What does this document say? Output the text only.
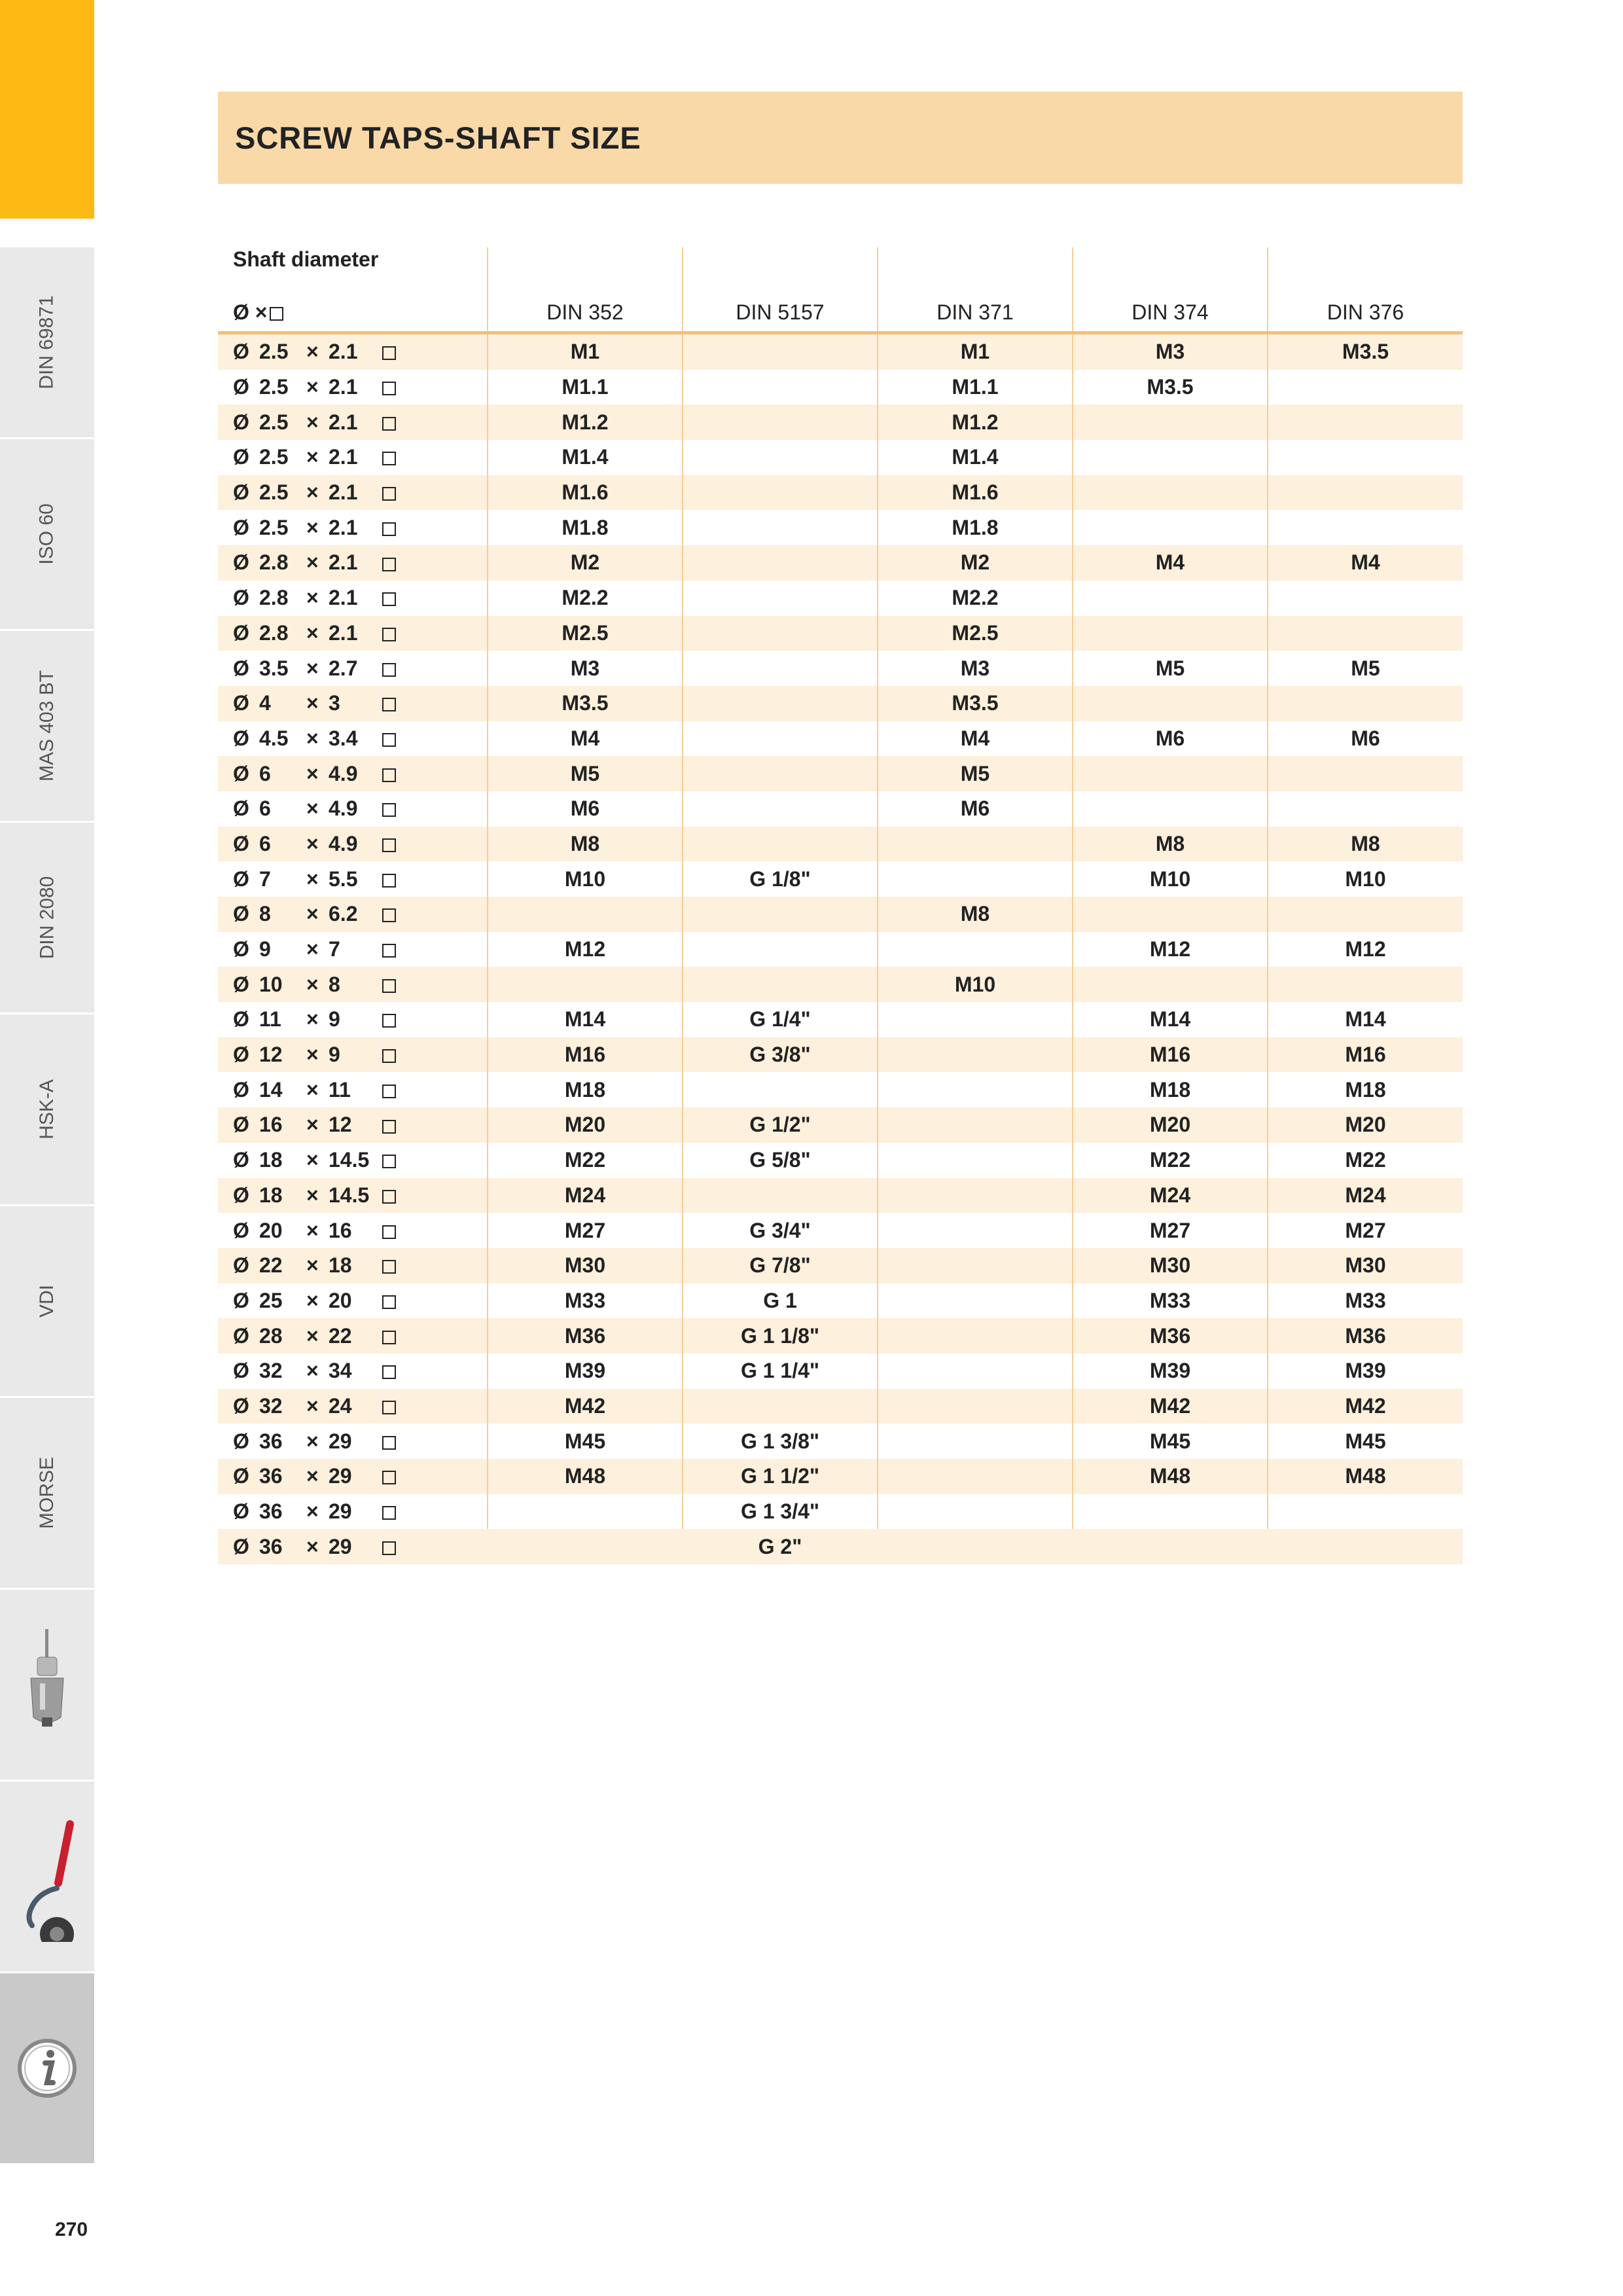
DIN 69871
ISO 60
MAS 403 BT
DIN 2080
HSK-A
VDI
MORSE
SCREW TAPS-SHAFT SIZE
Shaft diameter
Ø ×	DIN 352	DIN 5157	DIN 371	DIN 374	DIN 376
Ø 2.5 × 2.1	M1		M1	M3	M3.5
Ø 2.5 × 2.1	M1.1		M1.1	M3.5	
Ø 2.5 × 2.1	M1.2		M1.2		
Ø 2.5 × 2.1	M1.4		M1.4		
Ø 2.5 × 2.1	M1.6		M1.6		
Ø 2.5 × 2.1	M1.8		M1.8		
Ø 2.8 × 2.1	M2		M2	M4	M4
Ø 2.8 × 2.1	M2.2		M2.2		
Ø 2.8 × 2.1	M2.5		M2.5		
Ø 3.5 × 2.7	M3		M3	M5	M5
Ø 4 × 3	M3.5		M3.5		
Ø 4.5 × 3.4	M4		M4	M6	M6
Ø 6 × 4.9	M5		M5		
Ø 6 × 4.9	M6		M6		
Ø 6 × 4.9	M8			M8	M8
Ø 7 × 5.5	M10	G 1/8"		M10	M10
Ø 8 × 6.2			M8		
Ø 9 × 7	M12			M12	M12
Ø 10 × 8			M10		
Ø 11 × 9	M14	G 1/4"		M14	M14
Ø 12 × 9	M16	G 3/8"		M16	M16
Ø 14 × 11	M18			M18	M18
Ø 16 × 12	M20	G 1/2"		M20	M20
Ø 18 × 14.5	M22	G 5/8"		M22	M22
Ø 18 × 14.5	M24			M24	M24
Ø 20 × 16	M27	G 3/4"		M27	M27
Ø 22 × 18	M30	G 7/8"		M30	M30
Ø 25 × 20	M33	G 1		M33	M33
Ø 28 × 22	M36	G 1 1/8"		M36	M36
Ø 32 × 34	M39	G 1 1/4"		M39	M39
Ø 32 × 24	M42			M42	M42
Ø 36 × 29	M45	G 1 3/8"		M45	M45
Ø 36 × 29	M48	G 1 1/2"		M48	M48
Ø 36 × 29		G 1 3/4"			
Ø 36 × 29		G 2"			
270
